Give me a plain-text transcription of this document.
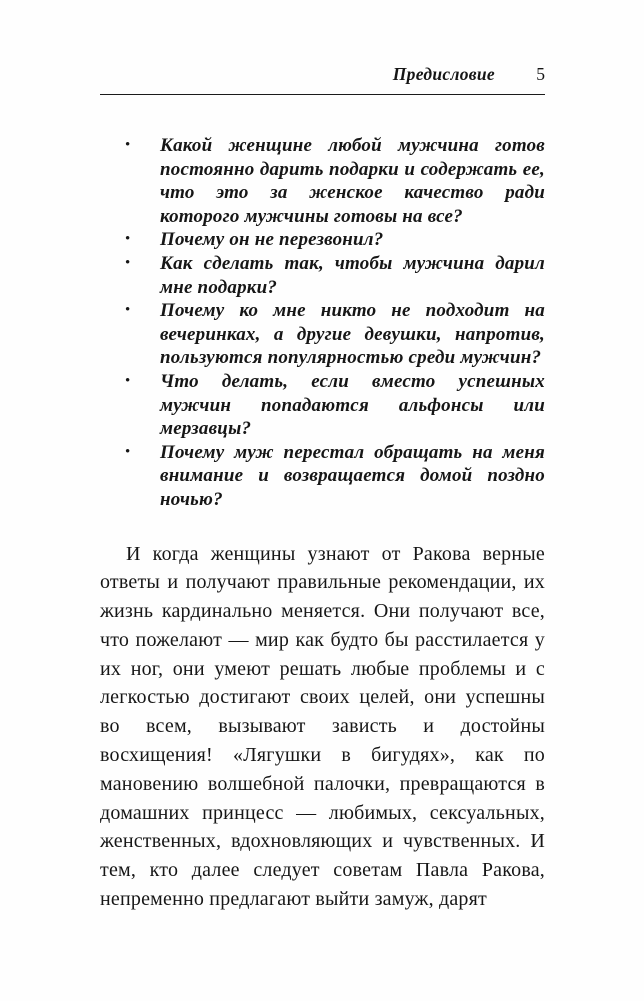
Предисловие 5
• Какой женщине любой мужчина готов постоянно дарить подарки и содержать ее, что это за женское качество ради которого мужчины готовы на все?
• Почему он не перезвонил?
• Как сделать так, чтобы мужчина дарил мне подарки?
• Почему ко мне никто не подходит на вечеринках, а другие девушки, напротив, пользуются популярностью среди мужчин?
• Что делать, если вместо успешных мужчин попадаются альфонсы или мерзавцы?
• Почему муж перестал обращать на меня внимание и возвращается домой поздно ночью?

И когда женщины узнают от Ракова верные ответы и получают правильные рекомендации, их жизнь кардинально меняется. Они получают все, что пожелают — мир как будто бы расстилается у их ног, они умеют решать любые проблемы и с легкостью достигают своих целей, они успешны во всем, вызывают зависть и достойны восхищения! «Лягушки в бигудях», как по мановению волшебной палочки, превращаются в домашних принцесс — любимых, сексуальных, женственных, вдохновляющих и чувственных. И тем, кто далее следует советам Павла Ракова, непременно предлагают выйти замуж, дарят
